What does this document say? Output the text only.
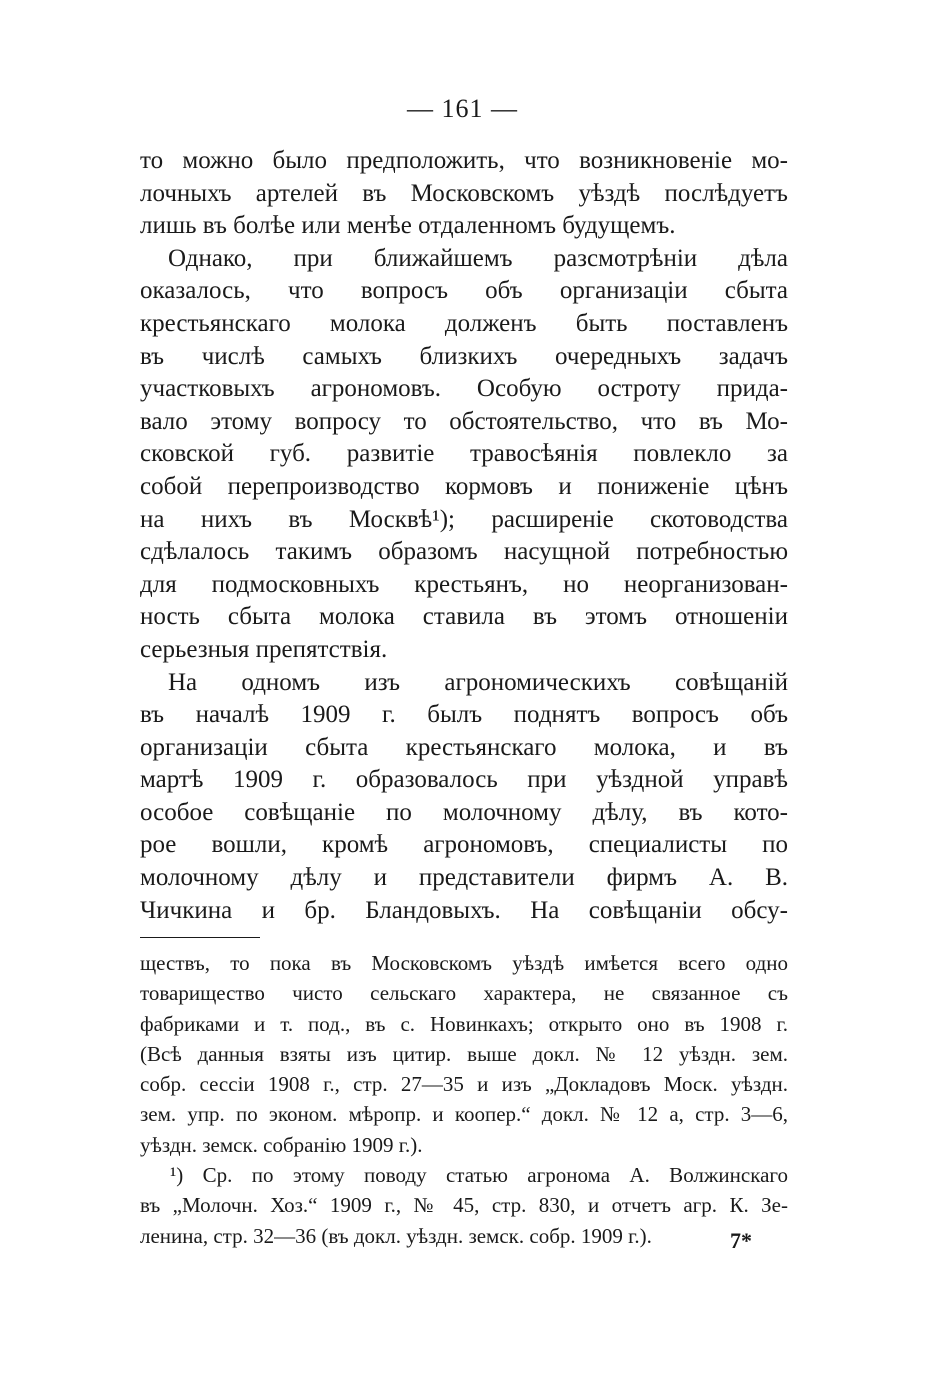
— 161 —
то можно было предположить, что возникновеніе мо-
лочныхъ артелей въ Московскомъ уѣздѣ послѣдуетъ
лишь въ болѣе или менѣе отдаленномъ будущемъ.
Однако, при ближайшемъ разсмотрѣніи дѣла
оказалось, что вопросъ объ организаціи сбыта
крестьянскаго молока долженъ быть поставленъ
въ числѣ самыхъ близкихъ очередныхъ задачъ
участковыхъ агрономовъ. Особую остроту прида-
вало этому вопросу то обстоятельство, что въ Мо-
сковской губ. развитіе травосѣянія повлекло за
собой перепроизводство кормовъ и пониженіе цѣнъ
на нихъ въ Москвѣ¹); расширеніе скотоводства
сдѣлалось такимъ образомъ насущной потребностью
для подмосковныхъ крестьянъ, но неорганизован-
ность сбыта молока ставила въ этомъ отношеніи
серьезныя препятствія.
На одномъ изъ агрономическихъ совѣщаній
въ началѣ 1909 г. былъ поднятъ вопросъ объ
организаціи сбыта крестьянскаго молока, и въ
мартѣ 1909 г. образовалось при уѣздной управѣ
особое совѣщаніе по молочному дѣлу, въ кото-
рое вошли, кромѣ агрономовъ, специалисты по
молочному дѣлу и представители фирмъ А. В.
Чичкина и бр. Бландовыхъ. На совѣщаніи обсу-
ществъ, то пока въ Московскомъ уѣздѣ имѣется всего одно
товарищество чисто сельскаго характера, не связанное съ
фабриками и т. под., въ с. Новинкахъ; открыто оно въ 1908 г.
(Всѣ данныя взяты изъ цитир. выше докл. № 12 уѣздн. зем.
собр. сессіи 1908 г., стр. 27—35 и изъ „Докладовъ Моск. уѣздн.
зем. упр. по эконом. мѣропр. и коопер.“ докл. № 12 а, стр. 3—6,
уѣздн. земск. собранію 1909 г.).
¹) Ср. по этому поводу статью агронома А. Волжинскаго
въ „Молочн. Хоз.“ 1909 г., № 45, стр. 830, и отчетъ агр. К. Зе-
ленина, стр. 32—36 (въ докл. уѣздн. земск. собр. 1909 г.).	7*
